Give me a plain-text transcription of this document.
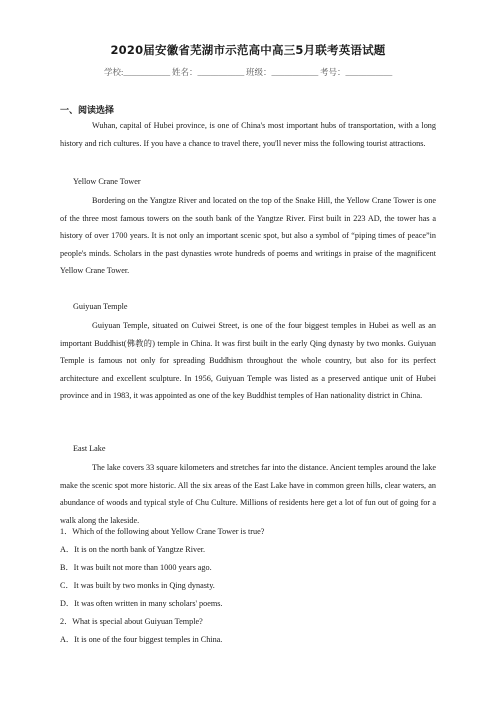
2020届安徽省芜湖市示范高中高三5月联考英语试题
学校:___________ 姓名：___________ 班级：___________ 考号：___________
一、阅读选择
Wuhan, capital of Hubei province, is one of China's most important hubs of transportation, with a long history and rich cultures. If you have a chance to travel there, you'll never miss the following tourist attractions.
Yellow Crane Tower
Bordering on the Yangtze River and located on the top of the Snake Hill, the Yellow Crane Tower is one of the three most famous towers on the south bank of the Yangtze River. First built in 223 AD, the tower has a history of over 1700 years. It is not only an important scenic spot, but also a symbol of “piping times of peace”in people's minds. Scholars in the past dynasties wrote hundreds of poems and writings in praise of the magnificent Yellow Crane Tower.
Guiyuan Temple
Guiyuan Temple, situated on Cuiwei Street, is one of the four biggest temples in Hubei as well as an important Buddhist(佛教的) temple in China. It was first built in the early Qing dynasty by two monks. Guiyuan Temple is famous not only for spreading Buddhism throughout the whole country, but also for its perfect architecture and excellent sculpture. In 1956, Guiyuan Temple was listed as a preserved antique unit of Hubei province and in 1983, it was appointed as one of the key Buddhist temples of Han nationality district in China.
East Lake
The lake covers 33 square kilometers and stretches far into the distance. Ancient temples around the lake make the scenic spot more historic. All the six areas of the East Lake have in common green hills, clear waters, an abundance of woods and typical style of Chu Culture. Millions of residents here get a lot of fun out of going for a walk along the lakeside.
1．Which of the following about Yellow Crane Tower is true?
A．It is on the north bank of Yangtze River.
B．It was built not more than 1000 years ago.
C．It was built by two monks in Qing dynasty.
D．It was often written in many scholars' poems.
2．What is special about Guiyuan Temple?
A．It is one of the four biggest temples in China.
